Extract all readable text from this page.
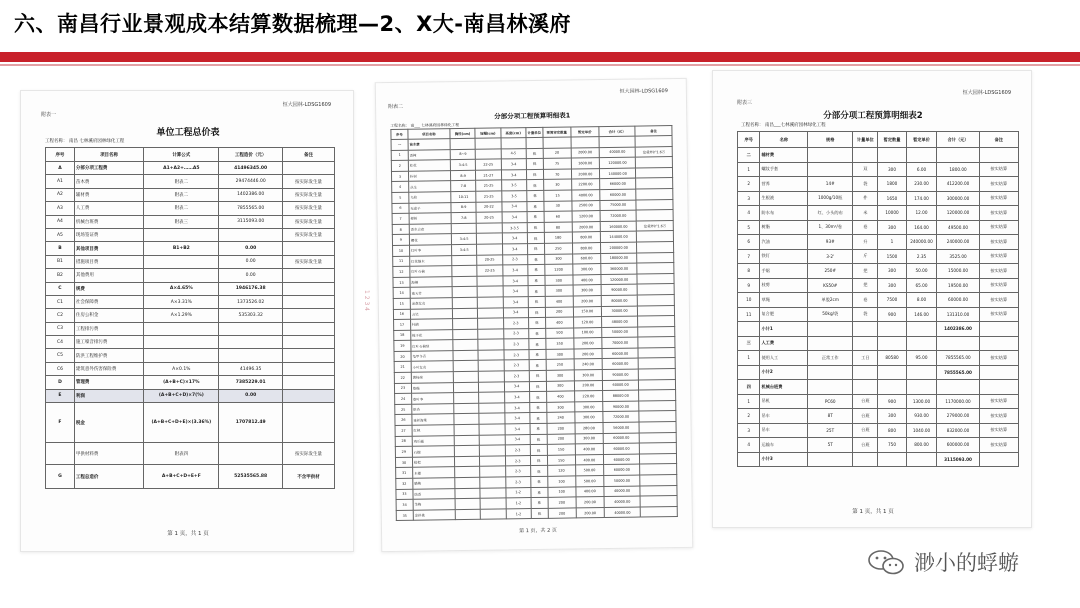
六、南昌行业景观成本结算数据梳理—2、X大-南昌林溪府
恒大园林-LDSG1609
附表一
单位工程总价表
工程名称： 南昌 七林溪府园林绿化工程
序号	项目名称	计算公式	工程造价（元）	备注
A	分部分项工程费	A1+A2+……A5	41496345.00	
A1	苗木费	附表二	29474446.00	按实际发生量
A2	辅材费	附表二	1402386.00	按实际发生量
A3	人工费	附表二	7855565.00	按实际发生量
A4	机械台班费	附表三	3115093.00	按实际发生量
A5	现场签证费			按实际发生量
B	其他项目费	B1+B2	0.00	
B1	措施项目费		0.00	按实际发生量
B2	其他费用		0.00	
C	规费	A×4.65%	1946176.38	
C1	社会保障费	A×3.31%	1373526.02	
C2	住房公积金	A×1.29%	535303.32	
C3	工程排污费			
C4	施工噪音排污费			
C5	防洪工程维护费			
C6	建筑意外伤害保险费	A×0.1%	41496.35	
D	管理费	(A+B+C)×17%	7385229.01	
E	利润	(A+B+C+D)×7(%)	0.00	
F	税金	(A+B+C+D+E)×(3.36%)	1707812.49	
	甲供材料费	附表四		按实际发生量
G	工程总造价	A+B+C+D+E+F	52535565.88	不含甲供材
第 1 页，共 1 页
1 2 3 4
恒大园林-LDSG1609
附表二
分部分项工程预算明细表1
工程名称： 南___ 七林溪府园林绿化工程
序号	项目名称	胸径(cm)	冠幅(cm)	高度(cm)	计量单位	预算审定数量	暂定单价	合计（元）	备注
一	苗木费								
1	香樟	8~9		4-5	株	20	2000.00	40000.00	盆栽养护1.6万
2	桂花	3-4-5	22-25	3-4	株	75	1600.00	120000.00	
3	朴树	8-9	21-27	3-4	株	70	2000.00	140000.00	
4	丛生	7-8	21-25	3-5	株	30	2200.00	66000.00	
5	乌桕	10-11	21-25	3-5	株	15	4000.00	60000.00	
6	无患子	8-9	20-22	3-4	株	30	2500.00	75000.00	
7	榉树	7-8	20-25	3-4	株	60	1200.00	72000.00	
8	香水合欢			3-3.5	株	80	2000.00	160000.00	盆栽养护1.6万
9	樱花	3-4-5		3-4	株	180	800.00	144000.00	
10	红叶李	3-4-5		3-4	株	250	800.00	200000.00	
11	红花继木		20-25	2-3	株	300	600.00	180000.00	
12	红叶石楠		22-25	3-4	株	1200	300.00	360000.00	
13	海桐			3-4	株	300	400.00	120000.00	
14	南天竹			3-4	株	300	300.00	90000.00	
15	金森女贞			3-4	株	400	200.00	80000.00	
16	含笑			3-4	株	200	150.00	30000.00	
17	杜鹃			2-3	株	400	120.00	48000.00	
18	栀子花			2-3	株	500	100.00	50000.00	
19	红叶石楠球			2-3	株	350	200.00	70000.00	
20	龟甲冬青			2-3	株	300	200.00	60000.00	
21	小叶女贞			2-3	株	250	240.00	60000.00	
22	黄杨球			2-3	株	300	300.00	90000.00	
23	紫薇			3-4	株	300	200.00	60000.00	
24	紫叶李			3-4	株	400	220.00	88000.00	
25	银杏			3-4	株	300	300.00	90000.00	
26	垂丝海棠			3-4	株	240	300.00	72000.00	
27	红枫			3-4	株	200	280.00	56000.00	
28	鸡爪槭			3-4	株	200	300.00	60000.00	
29	石榴			2-3	株	150	400.00	60000.00	
30	枇杷			2-3	株	150	400.00	60000.00	
31	木槿			2-3	株	120	500.00	60000.00	
32	腊梅			2-3	株	100	500.00	50000.00	
33	结香			1-2	株	100	400.00	40000.00	
34	茶梅			1-2	株	200	200.00	40000.00	
35	金丝桃			1-2	株	200	200.00	40000.00	
第 1 页，共 2 页
恒大园林-LDSG1609
附表三
分部分项工程预算明细表2
工程名称： 南昌___七林溪府园林绿化工程
序号	名称	规格	计量单位	暂定数量	暂定单价	合计（元）	备注
二	辅材费						
1	螺纹手套		双	300	6.00	1800.00	按实结算
2	营养	14#	袋	1800	230.00	412200.00	按实结算
3	生根液	1000g/10瓶	件	1650	174.00	300000.00	按实结算
4	防水布	红、小头的布	米	10000	12.00	120000.00	按实结算
5	树脂	1、30m²/卷	卷	300	164.00	49500.00	按实结算
6	汽油	93#	升	1	240000.00	240000.00	按实结算
7	铁钉	3-2'	斤	1500	2.35	3525.00	按实结算
8	手锯	250#	把	300	50.00	15000.00	按实结算
9	枝剪	KS50#	把	300	65.00	19500.00	按实结算
10	草绳	单股2cm	卷	7500	8.00	60000.00	按实结算
11	复合肥	50kg/袋	袋	900	146.00	131310.00	按实结算
	小计1					1402386.00	
三	人工费						
1	使用人工	正常工作	工日	80580	95.00	7855565.00	按实结算
	小计2					7855565.00	
四	机械台班费						
1	吊机	PC60	台班	900	1300.00	1170000.00	按实结算
2	吊车	8T	台班	300	930.00	279000.00	按实结算
3	吊车	25T	台班	800	1040.00	832000.00	按实结算
4	运输车	5T	台班	750	800.00	600000.00	按实结算
	小计3					3115093.00	
第 1 页，共 1 页
渺小的蜉蝣
